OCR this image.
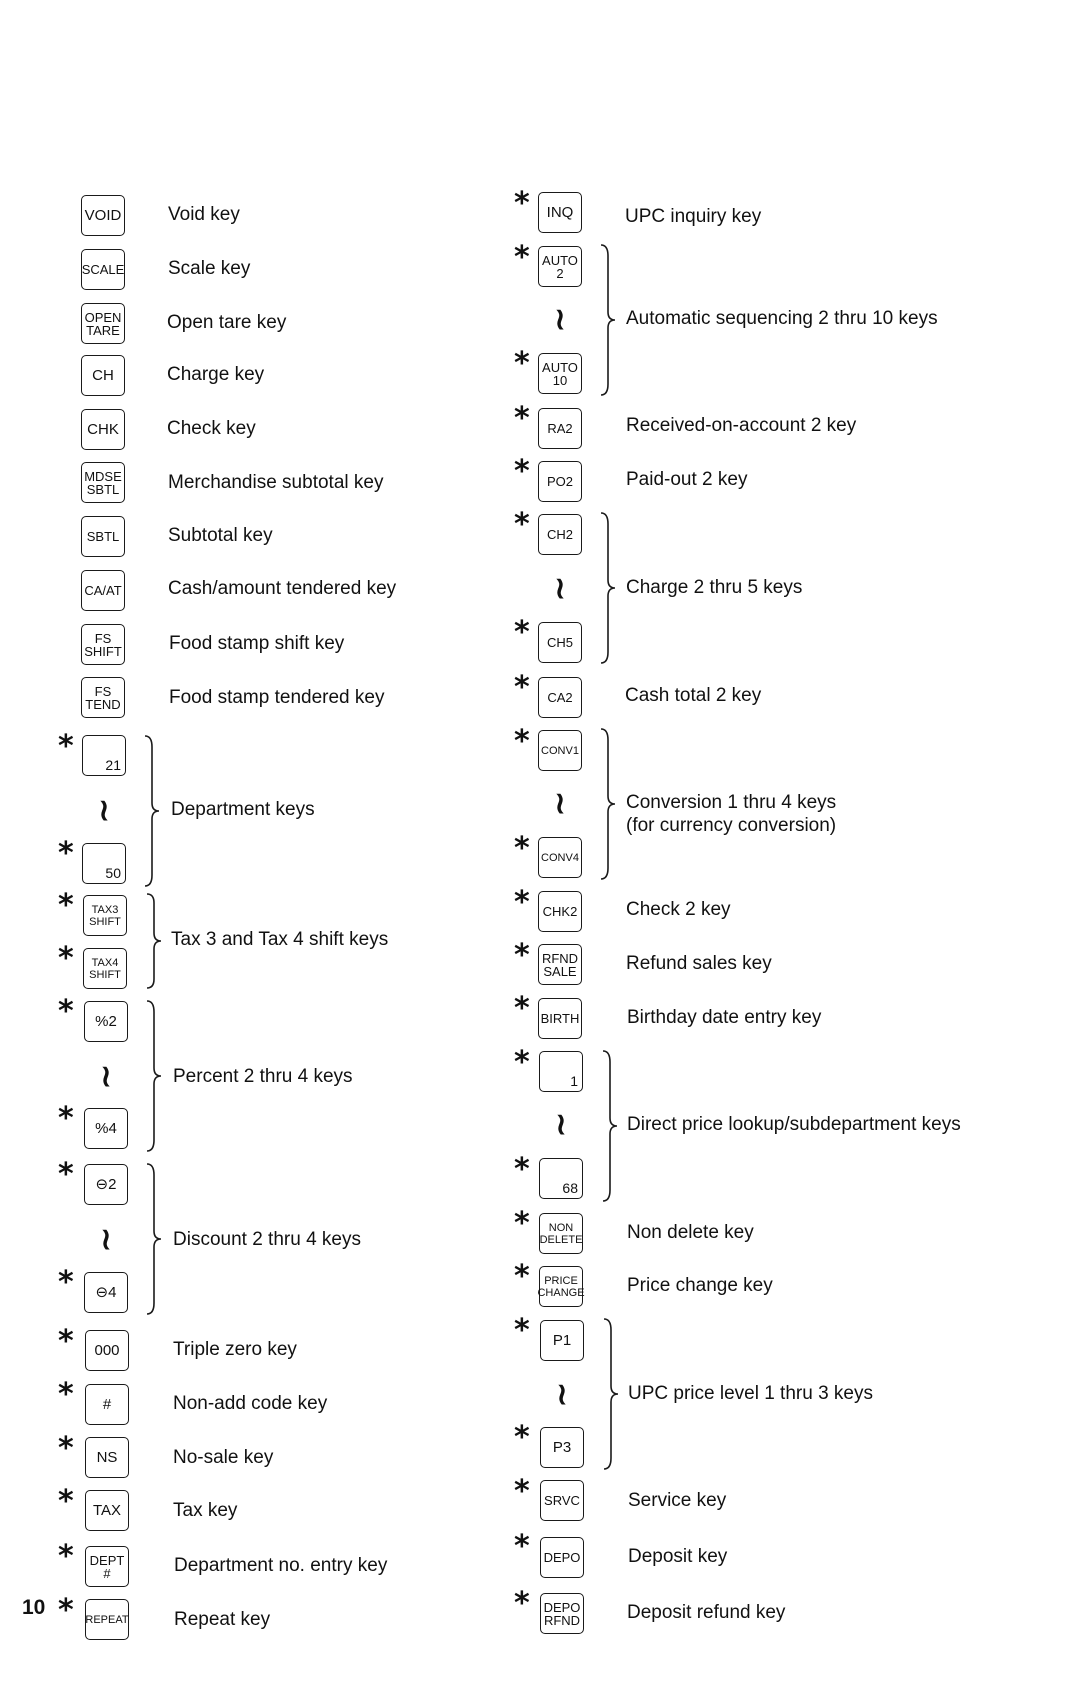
VOID Void key
SCALE Scale key
OPEN
TARE Open tare key
CH	Charge key
CHK	Check key
MDSE
SBTL	Merchandise subtotal key
SBTL	Subtotal key
CA/AT Cash/amount tendered key
FS
SHIFT Food stamp shift key
FS
TEND	Food stamp tendered key
*
21
≀
*
50
Department keys
* TAX3
SHIFT
* TAX4
SHIFT
Tax 3 and Tax 4 shift keys
* %2
≀
* %4
Percent 2 thru 4 keys
* ⊖2
≀
* ⊖4
Discount 2 thru 4 keys
* 000	Triple zero key
* #	Non-add code key
* NS	No-sale key
* TAX	Tax key
* DEPT
#	Department no. entry key
* REPEAT Repeat key
* INQ	UPC inquiry key
* AUTO
2
≀
* AUTO
10
Automatic sequencing 2 thru 10 keys
* RA2	Received-on-account 2 key
* PO2	Paid-out 2 key
* CH2
≀
* CH5
Charge 2 thru 5 keys
* CA2	Cash total 2 key
* CONV1
≀
* CONV4
Conversion 1 thru 4 keys
(for currency conversion)
* CHK2	Check 2 key
* RFND
SALE	Refund sales key
* BIRTH	Birthday date entry key
*
1
≀
*
68
Direct price lookup/subdepartment keys
*	NON
DELETE Non delete key
*	PRICE
CHANGE Price change key
* P1
≀
* P3
UPC price level 1 thru 3 keys
* SRVC	Service key
* DEPO	Deposit key
* DEPO
RFND Deposit refund key
10
